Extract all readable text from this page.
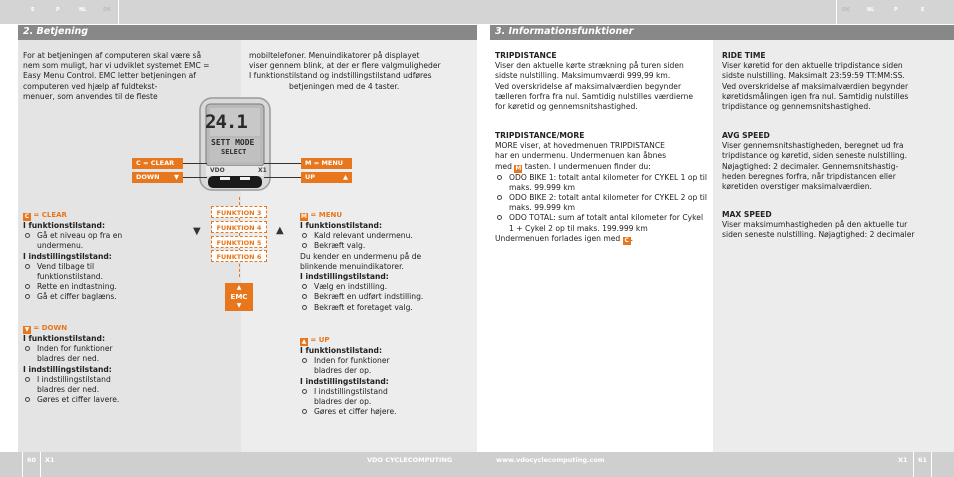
E	P	NL	DK	DK	NL	P	E
2. Betjening	3. Informationsfunktioner
60 X1	VDO CYCLECOMPUTING	www.vdocyclecomputing.com	X1 61
For at betjeningen af computeren skal være så
nem som muligt, har vi udviklet systemet EMC =
Easy Menu Control. EMC letter betjeningen af
computeren ved hjælp af fuldtekst-
menuer, som anvendes til de fleste
C = CLEAR
I funktionstilstand:
Gå et niveau op fra en undermenu.
I indstillingstilstand:
Vend tilbage til funktionstilstand.
Rette en indtastning.
Gå et ciffer baglæns.
▼ = DOWN
I funktionstilstand:
Inden for funktioner bladres der ned.
I indstillingstilstand:
I indstillingstilstand bladres der ned.
Gøres et ciffer lavere.
mobiltelefoner. Menuindikatorer på displayet
viser gennem blink, at der er flere valgmuligheder
I funktionstilstand og indstillingstilstand udføres
betjeningen med de 4 taster.
24.1
SETT MODE
SELECT
VDO	X1
C = CLEAR
DOWN ▼
M = MENU
UP	▲
FUNKTION 3
FUNKTION 4
FUNKTION 5
FUNKTION 6
▼	▲
▲
EMC
▼
M = MENU
I funktionstilstand:
Kald relevant undermenu.
Bekræft valg.
Du kender en undermenu på de
blinkende menuindikatorer.
I indstillingstilstand:
Vælg en indstilling.
Bekræft en udført indstilling.
Bekræft et foretaget valg.
▲ = UP
I funktionstilstand:
Inden for funktioner bladres der op.
I indstillingstilstand:
I indstillingstilstand bladres der op.
Gøres et ciffer højere.
TRIPDISTANCE
Viser den aktuelle kørte strækning på turen siden
sidste nulstilling. Maksimumværdi 999,99 km.
Ved overskridelse af maksimalværdien begynder
tælleren forfra fra nul. Samtidig nulstilles værdierne
for køretid og gennemsnitshastighed.
TRIPDISTANCE/MORE
MORE viser, at hovedmenuen TRIPDISTANCE
har en undermenu. Undermenuen kan åbnes
med M tasten. I undermenuen finder du:
ODO BIKE 1: totalt antal kilometer for CYKEL 1 op til maks. 99.999 km
ODO BIKE 2: totalt antal kilometer for CYKEL 2 op til maks. 99.999 km
ODO TOTAL: sum af totalt antal kilometer for Cykel 1 + Cykel 2 op til maks. 199.999 km
Undermenuen forlades igen med C .
RIDE TIME
Viser køretid for den aktuelle tripdistance siden
sidste nulstilling. Maksimalt 23:59:59 TT:MM:SS.
Ved overskridelse af maksimalværdien begynder
køretidsmålingen igen fra nul. Samtidig nulstilles
tripdistance og gennemsnitshastighed.
AVG SPEED
Viser gennemsnitshastigheden, beregnet ud fra
tripdistance og køretid, siden seneste nulstilling.
Nøjagtighed: 2 decimaler. Gennemsnitshastig-
heden beregnes forfra, når tripdistancen eller
køretiden overstiger maksimalværdien.
MAX SPEED
Viser maksimumhastigheden på den aktuelle tur
siden seneste nulstilling. Nøjagtighed: 2 decimaler
